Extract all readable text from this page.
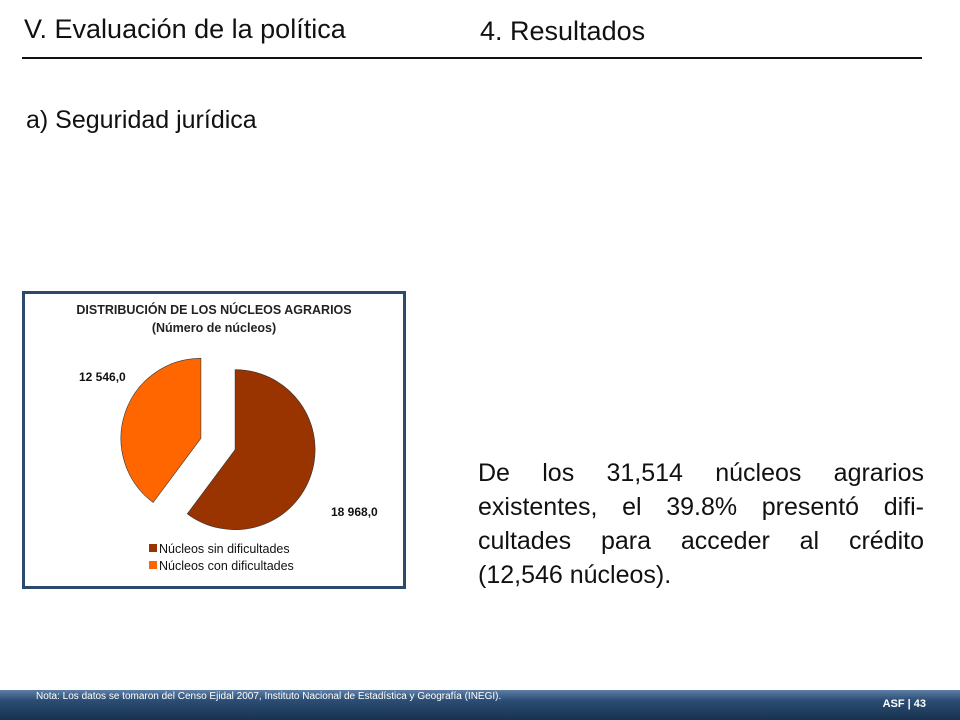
V. Evaluación de la política	4. Resultados
a) Seguridad jurídica
DISTRIBUCIÓN DE LOS NÚCLEOS AGRARIOS
(Número de núcleos)
18 968,0
12 546,0
Núcleos sin dificultades
Núcleos con dificultades
De los 31,514 núcleos agrarios existentes, el 39.8% presentó difi-cultades para acceder al crédito (12,546 núcleos).
Nota: Los datos se tomaron del Censo Ejidal 2007, Instituto Nacional de Estadística y Geografía (INEGI).
ASF | 43
